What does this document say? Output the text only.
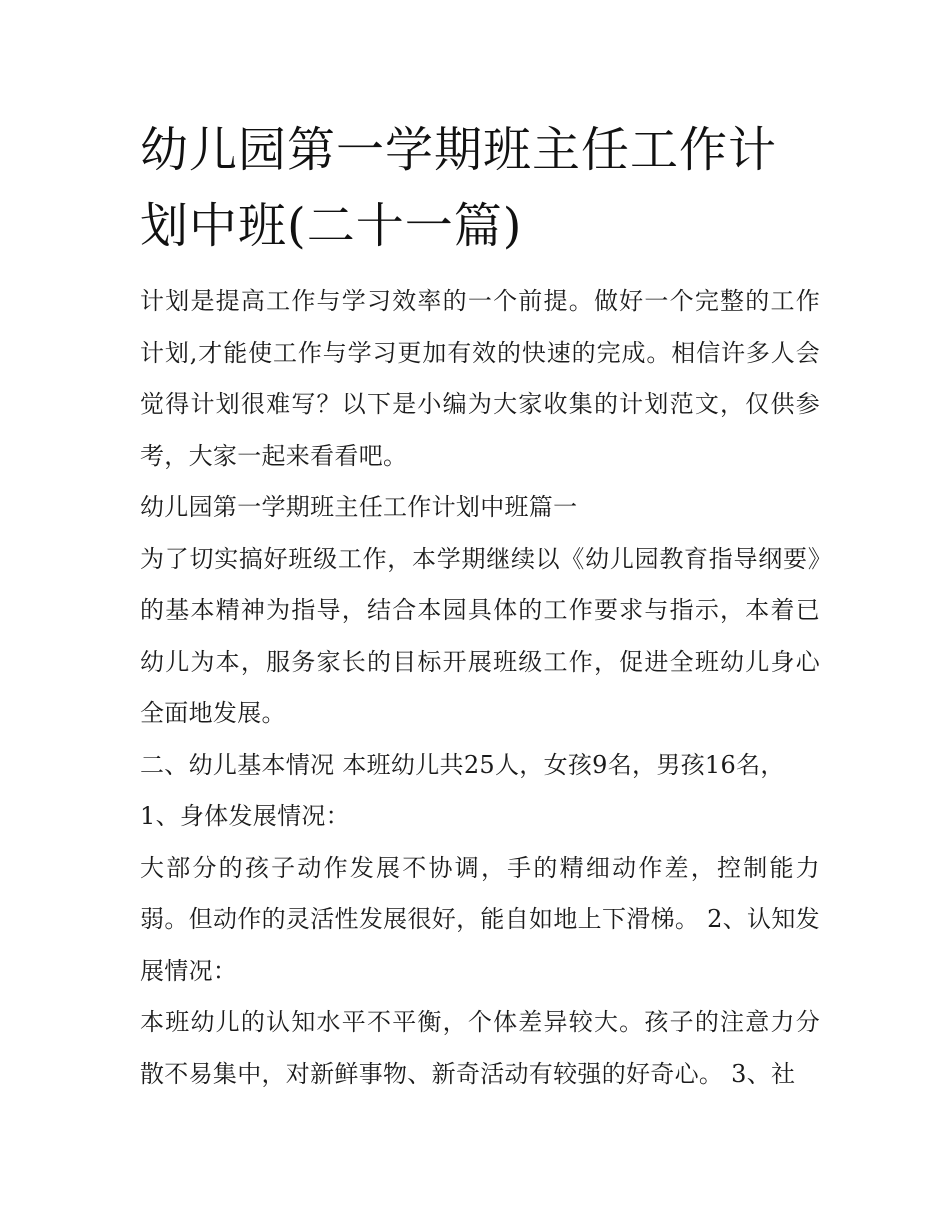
幼儿园第一学期班主任工作计划中班(二十一篇)

计划是提高工作与学习效率的一个前提。做好一个完整的工作计划,才能使工作与学习更加有效的快速的完成。相信许多人会觉得计划很难写？以下是小编为大家收集的计划范文，仅供参考，大家一起来看看吧。

幼儿园第一学期班主任工作计划中班篇一

为了切实搞好班级工作，本学期继续以《幼儿园教育指导纲要》的基本精神为指导，结合本园具体的工作要求与指示，本着已幼儿为本，服务家长的目标开展班级工作，促进全班幼儿身心全面地发展。

二、幼儿基本情况 本班幼儿共25人，女孩9名，男孩16名，

1、身体发展情况：

大部分的孩子动作发展不协调，手的精细动作差，控制能力弱。但动作的灵活性发展很好，能自如地上下滑梯。 2、认知发展情况：

本班幼儿的认知水平不平衡，个体差异较大。孩子的注意力分散不易集中，对新鲜事物、新奇活动有较强的好奇心。 3、社
